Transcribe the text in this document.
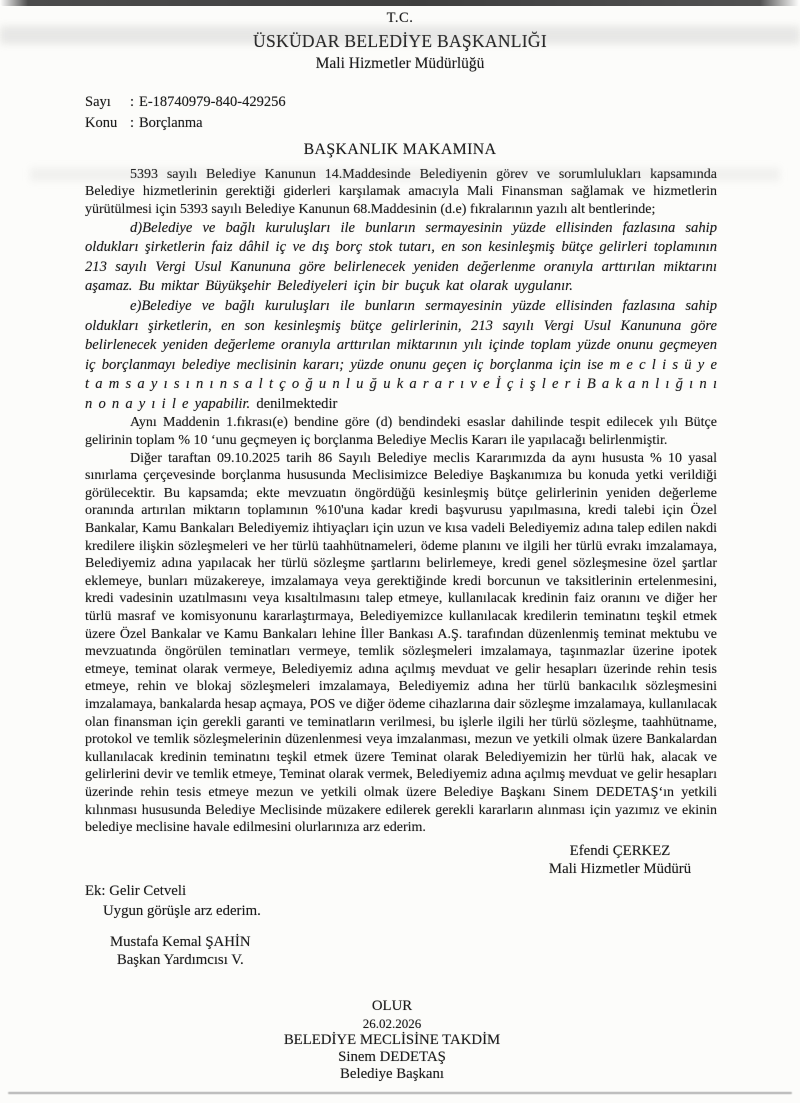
T.C.
ÜSKÜDAR BELEDİYE BAŞKANLIĞI
Mali Hizmetler Müdürlüğü
Sayı	: E-18740979-840-429256
Konu : Borçlanma
BAŞKANLIK MAKAMINA

5393 sayılı Belediye Kanunun 14.Maddesinde Belediyenin görev ve sorumlulukları kapsamında Belediye hizmetlerinin gerektiği giderleri karşılamak amacıyla Mali Finansman sağlamak ve hizmetlerin yürütülmesi için 5393 sayılı Belediye Kanunun 68.Maddesinin (d.e) fıkralarının yazılı alt bentlerinde;

d)Belediye ve bağlı kuruluşları ile bunların sermayesinin yüzde ellisinden fazlasına sahip oldukları şirketlerin faiz dâhil iç ve dış borç stok tutarı, en son kesinleşmiş bütçe gelirleri toplamının 213 sayılı Vergi Usul Kanununa göre belirlenecek yeniden değerlenme oranıyla arttırılan miktarını aşamaz. Bu miktar Büyükşehir Belediyeleri için bir buçuk kat olarak uygulanır.

e)Belediye ve bağlı kuruluşları ile bunların sermayesinin yüzde ellisinden fazlasına sahip oldukları şirketlerin, en son kesinleşmiş bütçe gelirlerinin, 213 sayılı Vergi Usul Kanununa göre belirlenecek yeniden değerleme oranıyla arttırılan miktarının yılı içinde toplam yüzde onunu geçmeyen iç borçlanmayı belediye meclisinin kararı; yüzde onunu geçen iç borçlanma için ise m e c l i s ü y e t a m s a y ı s ı n ı n s a l t ç o ğ u n l u ğ u k a r a r ı v e İ ç i ş l e r i B a k a n l ı ğ ı n ı n o n a y ı i l e yapabilir. denilmektedir

Aynı Maddenin 1.fıkrası(e) bendine göre (d) bendindeki esaslar dahilinde tespit edilecek yılı Bütçe gelirinin toplam % 10 ‘unu geçmeyen iç borçlanma Belediye Meclis Kararı ile yapılacağı belirlenmiştir.

Diğer taraftan 09.10.2025 tarih 86 Sayılı Belediye meclis Kararımızda da aynı hususta % 10 yasal sınırlama çerçevesinde borçlanma hususunda Meclisimizce Belediye Başkanımıza bu konuda yetki verildiği görülecektir. Bu kapsamda; ekte mevzuatın öngördüğü kesinleşmiş bütçe gelirlerinin yeniden değerleme oranında artırılan miktarın toplamının %10'una kadar kredi başvurusu yapılmasına, kredi talebi için Özel Bankalar, Kamu Bankaları Belediyemiz ihtiyaçları için uzun ve kısa vadeli Belediyemiz adına talep edilen nakdi kredilere ilişkin sözleşmeleri ve her türlü taahhütnameleri, ödeme planını ve ilgili her türlü evrakı imzalamaya, Belediyemiz adına yapılacak her türlü sözleşme şartlarını belirlemeye, kredi genel sözleşmesine özel şartlar eklemeye, bunları müzakereye, imzalamaya veya gerektiğinde kredi borcunun ve taksitlerinin ertelenmesini, kredi vadesinin uzatılmasını veya kısaltılmasını talep etmeye, kullanılacak kredinin faiz oranını ve diğer her türlü masraf ve komisyonunu kararlaştırmaya, Belediyemizce kullanılacak kredilerin teminatını teşkil etmek üzere Özel Bankalar ve Kamu Bankaları lehine İller Bankası A.Ş. tarafından düzenlenmiş teminat mektubu ve mevzuatında öngörülen teminatları vermeye, temlik sözleşmeleri imzalamaya, taşınmazlar üzerine ipotek etmeye, teminat olarak vermeye, Belediyemiz adına açılmış mevduat ve gelir hesapları üzerinde rehin tesis etmeye, rehin ve blokaj sözleşmeleri imzalamaya, Belediyemiz adına her türlü bankacılık sözleşmesini imzalamaya, bankalarda hesap açmaya, POS ve diğer ödeme cihazlarına dair sözleşme imzalamaya, kullanılacak olan finansman için gerekli garanti ve teminatların verilmesi, bu işlerle ilgili her türlü sözleşme, taahhütname, protokol ve temlik sözleşmelerinin düzenlenmesi veya imzalanması, mezun ve yetkili olmak üzere Bankalardan kullanılacak kredinin teminatını teşkil etmek üzere Teminat olarak Belediyemizin her türlü hak, alacak ve gelirlerini devir ve temlik etmeye, Teminat olarak vermek, Belediyemiz adına açılmış mevduat ve gelir hesapları üzerinde rehin tesis etmeye mezun ve yetkili olmak üzere Belediye Başkanı Sinem DEDETAŞ‘ın yetkili kılınması hususunda Belediye Meclisinde müzakere edilerek gerekli kararların alınması için yazımız ve ekinin belediye meclisine havale edilmesini olurlarınıza arz ederim.

Efendi ÇERKEZ
Mali Hizmetler Müdürü
Ek: Gelir Cetveli
Uygun görüşle arz ederim.
Mustafa Kemal ŞAHİN
Başkan Yardımcısı V.
OLUR
26.02.2026
BELEDİYE MECLİSİNE TAKDİM
Sinem DEDETAŞ
Belediye Başkanı
